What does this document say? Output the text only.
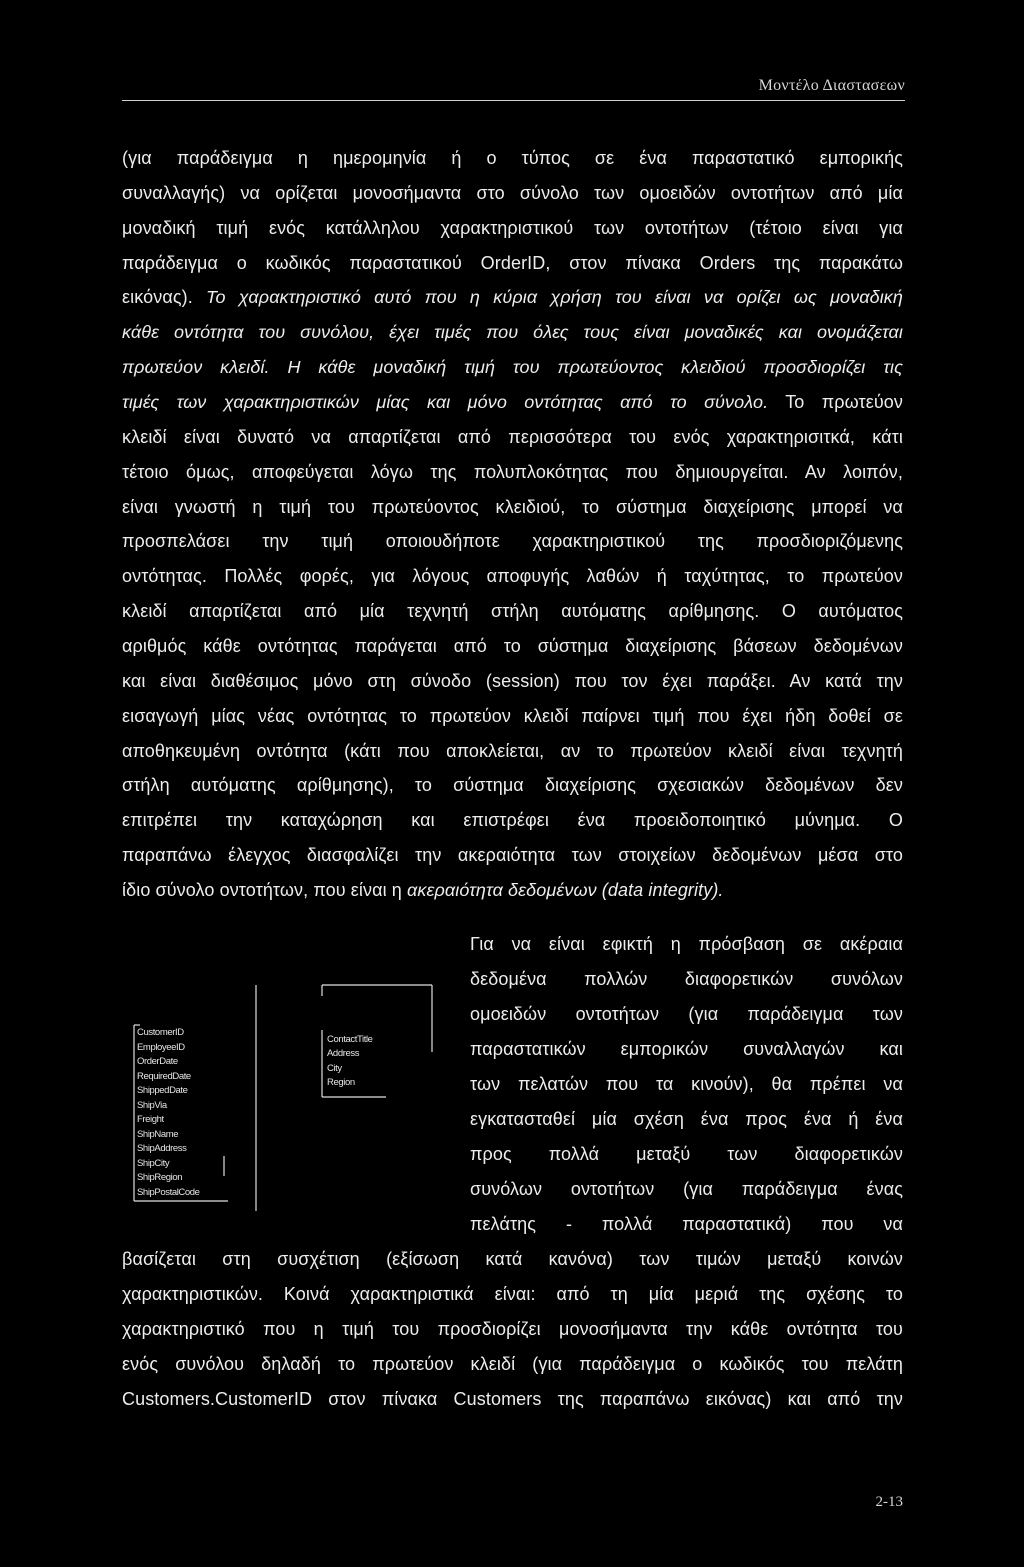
Μοντέλο Διαστασεων
(για παράδειγμα η ημερομηνία ή ο τύπος σε ένα παραστατικό εμπορικής
συναλλαγής) να ορίζεται μονοσήμαντα στο σύνολο των ομοειδών οντοτήτων από μία
μοναδική τιμή ενός κατάλληλου χαρακτηριστικού των οντοτήτων (τέτοιο είναι για
παράδειγμα ο κωδικός παραστατικού OrderID, στον πίνακα Orders της παρακάτω
εικόνας). Το χαρακτηριστικό αυτό που η κύρια χρήση του είναι να ορίζει ως μοναδική
κάθε οντότητα του συνόλου, έχει τιμές που όλες τους είναι μοναδικές και ονομάζεται
πρωτεύον κλειδί. Η κάθε μοναδική τιμή του πρωτεύοντος κλειδιού προσδιορίζει τις
τιμές των χαρακτηριστικών μίας και μόνο οντότητας από το σύνολο. Το πρωτεύον
κλειδί είναι δυνατό να απαρτίζεται από περισσότερα του ενός χαρακτηρισιτκά, κάτι
τέτοιο όμως, αποφεύγεται λόγω της πολυπλοκότητας που δημιουργείται. Αν λοιπόν,
είναι γνωστή η τιμή του πρωτεύοντος κλειδιού, το σύστημα διαχείρισης μπορεί να
προσπελάσει την τιμή οποιουδήποτε χαρακτηριστικού της προσδιοριζόμενης
οντότητας. Πολλές φορές, για λόγους αποφυγής λαθών ή ταχύτητας, το πρωτεύον
κλειδί απαρτίζεται από μία τεχνητή στήλη αυτόματης αρίθμησης. Ο αυτόματος
αριθμός κάθε οντότητας παράγεται από το σύστημα διαχείρισης βάσεων δεδομένων
και είναι διαθέσιμος μόνο στη σύνοδο (session) που τον έχει παράξει. Αν κατά την
εισαγωγή μίας νέας οντότητας το πρωτεύον κλειδί παίρνει τιμή που έχει ήδη δοθεί σε
αποθηκευμένη οντότητα (κάτι που αποκλείεται, αν το πρωτεύον κλειδί είναι τεχνητή
στήλη αυτόματης αρίθμησης), το σύστημα διαχείρισης σχεσιακών δεδομένων δεν
επιτρέπει την καταχώρηση και επιστρέφει ένα προειδοποιητικό μύνημα. Ο
παραπάνω έλεγχος διασφαλίζει την ακεραιότητα των στοιχείων δεδομένων μέσα στο
ίδιο σύνολο οντοτήτων, που είναι η ακεραιότητα δεδομένων (data integrity).
Για να είναι εφικτή η πρόσβαση σε ακέραια
δεδομένα πολλών διαφορετικών συνόλων
ομοειδών οντοτήτων (για παράδειγμα των
παραστατικών εμπορικών συναλλαγών και
των πελατών που τα κινούν), θα πρέπει να
εγκατασταθεί μία σχέση ένα προς ένα ή ένα
προς πολλά μεταξύ των διαφορετικών
συνόλων οντοτήτων (για παράδειγμα ένας
πελάτης - πολλά παραστατικά) που να
βασίζεται στη συσχέτιση (εξίσωση κατά κανόνα) των τιμών μεταξύ κοινών
χαρακτηριστικών. Κοινά χαρακτηριστικά είναι: από τη μία μεριά της σχέσης το
χαρακτηριστικό που η τιμή του προσδιορίζει μονοσήμαντα την κάθε οντότητα του
ενός συνόλου δηλαδή το πρωτεύον κλειδί (για παράδειγμα ο κωδικός του πελάτη
Customers.CustomerID στον πίνακα Customers της παραπάνω εικόνας) και από την
CustomerID
EmployeeID
OrderDate
RequiredDate
ShippedDate
ShipVia
Freight
ShipName
ShipAddress
ShipCity
ShipRegion
ShipPostalCode
ContactTitle
Address
City
Region
2-13
